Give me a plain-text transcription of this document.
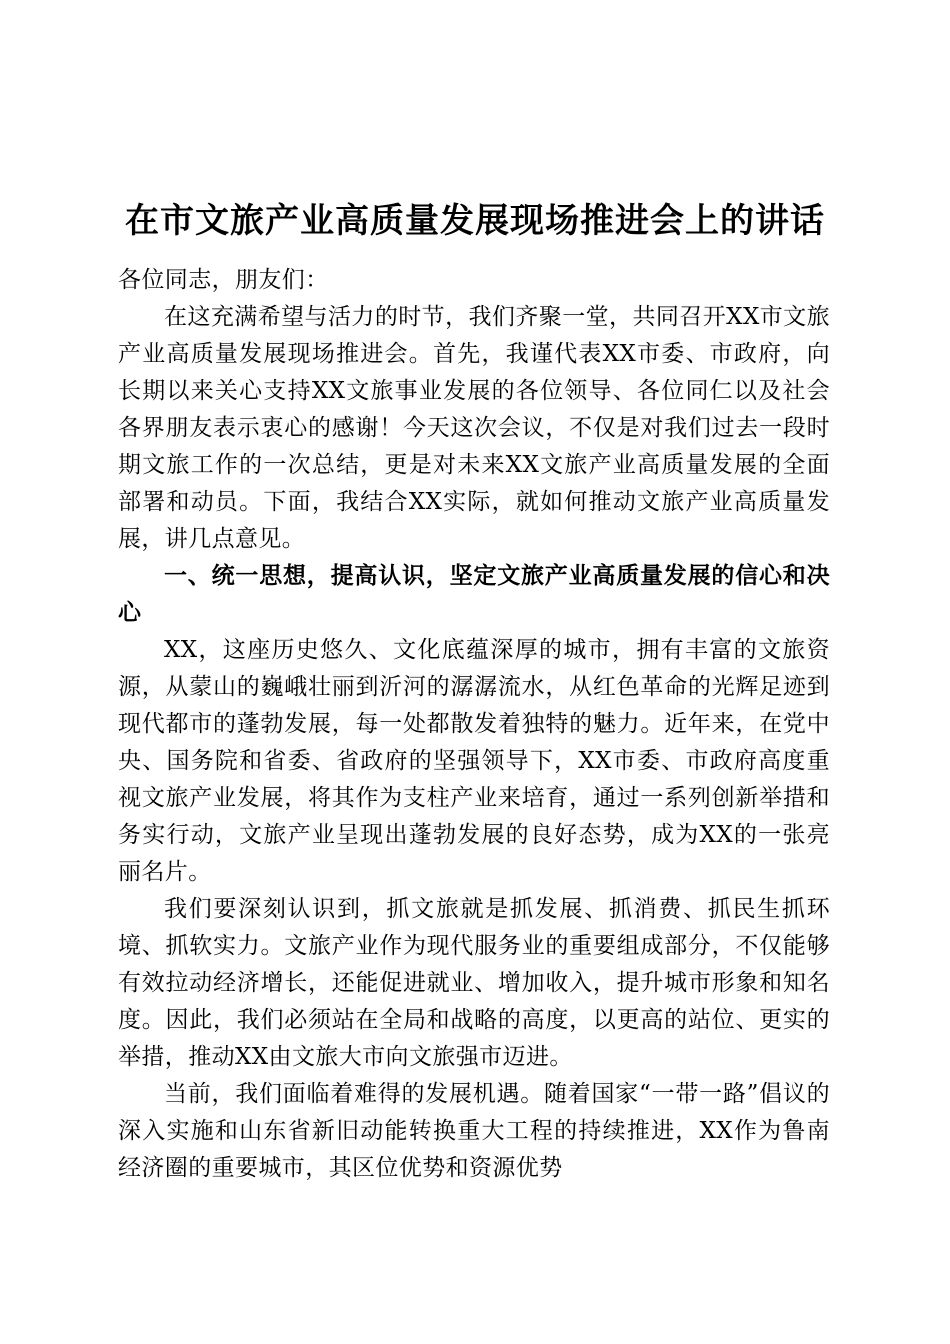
在市文旅产业高质量发展现场推进会上的讲话

各位同志，朋友们：

在这充满希望与活力的时节，我们齐聚一堂，共同召开XX市文旅产业高质量发展现场推进会。首先，我谨代表XX市委、市政府，向长期以来关心支持XX文旅事业发展的各位领导、各位同仁以及社会各界朋友表示衷心的感谢！今天这次会议，不仅是对我们过去一段时期文旅工作的一次总结，更是对未来XX文旅产业高质量发展的全面部署和动员。下面，我结合XX实际，就如何推动文旅产业高质量发展，讲几点意见。

一、统一思想，提高认识，坚定文旅产业高质量发展的信心和决心

XX，这座历史悠久、文化底蕴深厚的城市，拥有丰富的文旅资源，从蒙山的巍峨壮丽到沂河的潺潺流水，从红色革命的光辉足迹到现代都市的蓬勃发展，每一处都散发着独特的魅力。近年来，在党中央、国务院和省委、省政府的坚强领导下，XX市委、市政府高度重视文旅产业发展，将其作为支柱产业来培育，通过一系列创新举措和务实行动，文旅产业呈现出蓬勃发展的良好态势，成为XX的一张亮丽名片。

我们要深刻认识到，抓文旅就是抓发展、抓消费、抓民生抓环境、抓软实力。文旅产业作为现代服务业的重要组成部分，不仅能够有效拉动经济增长，还能促进就业、增加收入，提升城市形象和知名度。因此，我们必须站在全局和战略的高度，以更高的站位、更实的举措，推动XX由文旅大市向文旅强市迈进。

当前，我们面临着难得的发展机遇。随着国家“一带一路”倡议的深入实施和山东省新旧动能转换重大工程的持续推进，XX作为鲁南经济圈的重要城市，其区位优势和资源优势
